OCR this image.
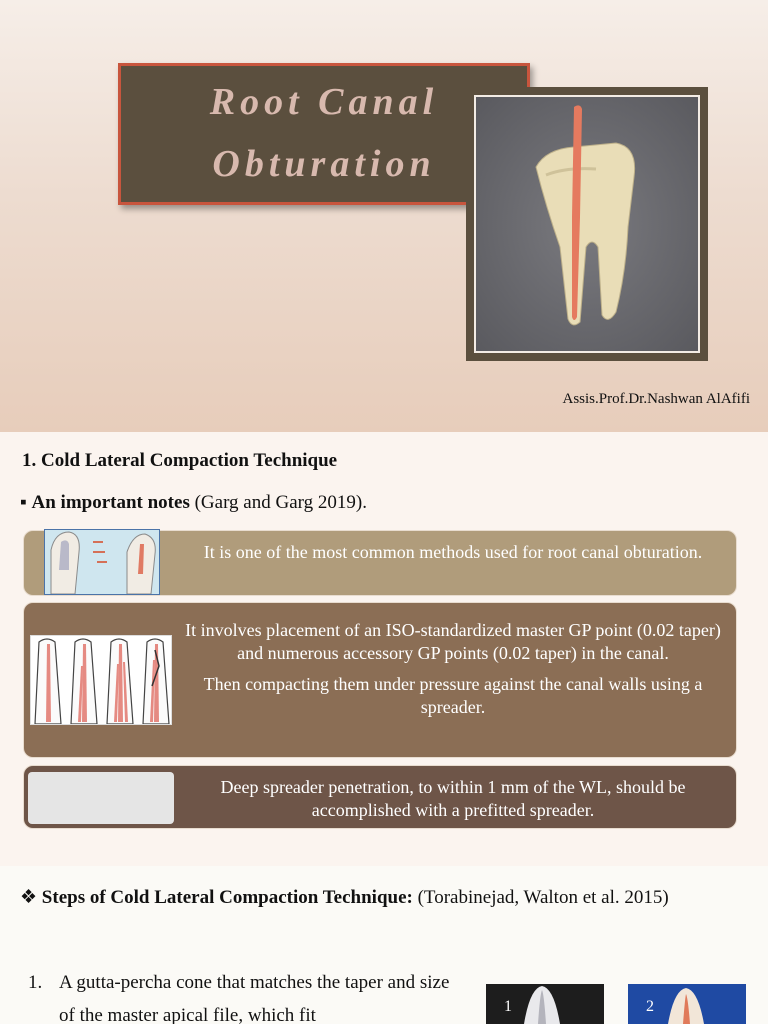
Root Canal
Obturation
Assis.Prof.Dr.Nashwan AlAfifi
1. Cold Lateral Compaction Technique
▪ An important notes (Garg and Garg 2019).

It is one of the most common methods used for root canal obturation.

It involves placement of an ISO-standardized master GP point (0.02 taper) and numerous accessory GP points (0.02 taper) in the canal.

Then compacting them under pressure against the canal walls using a spreader.

Deep spreader penetration, to within 1 mm of the WL, should be accomplished with a prefitted spreader.

❖ Steps of Cold Lateral Compaction Technique: (Torabinejad, Walton et al. 2015)
1. A gutta-percha cone that matches the taper and size of the master apical file, which fit	1	2
